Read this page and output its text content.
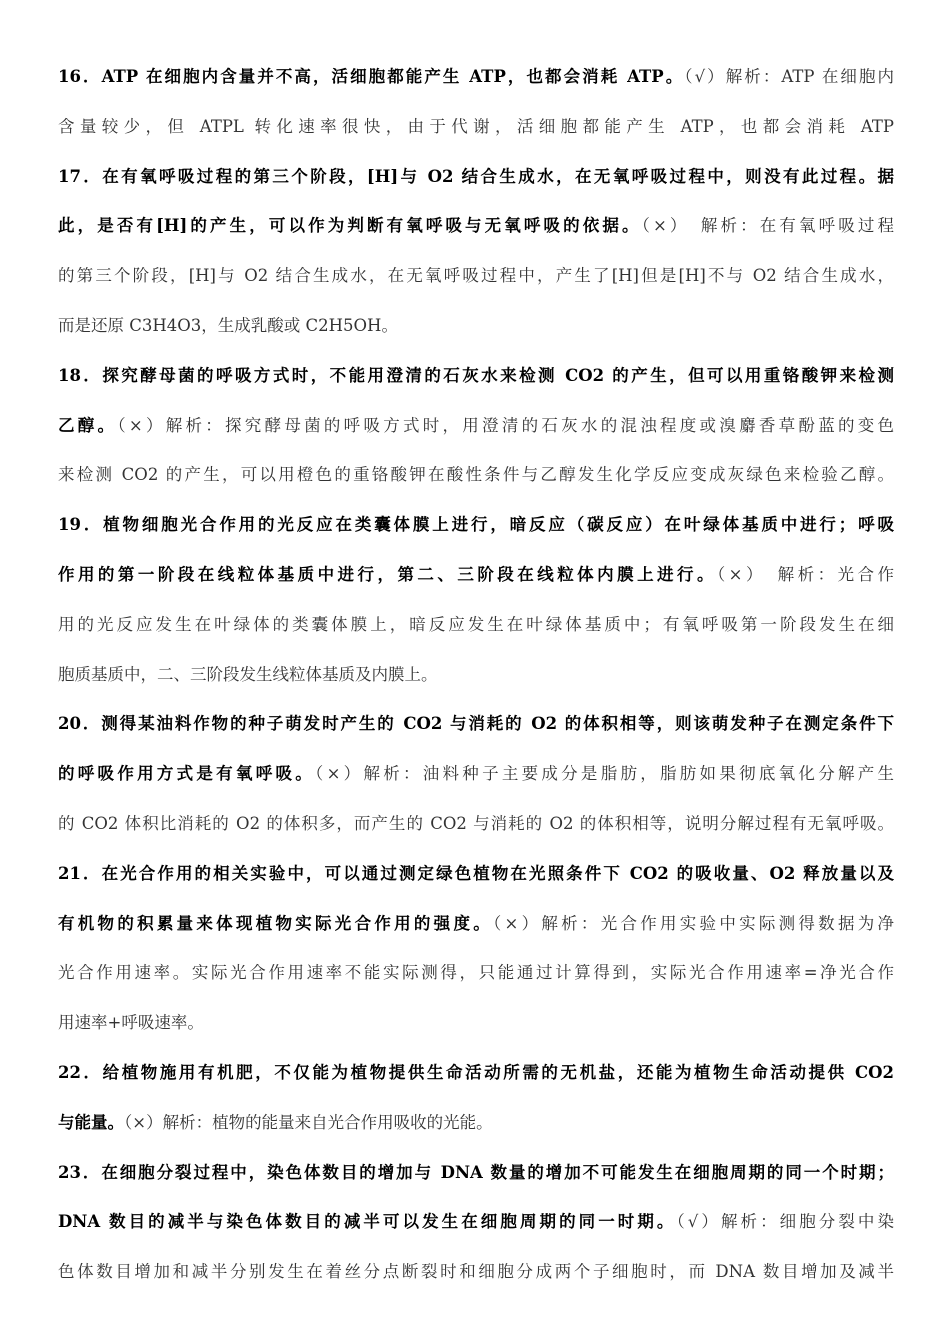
16．ATP 在细胞内含量并不高，活细胞都能产生 ATP，也都会消耗 ATP。（√）解析：ATP 在细胞内
含量较少，但 ATPL 转化速率很快，由于代谢，活细胞都能产生 ATP，也都会消耗 ATP
17．在有氧呼吸过程的第三个阶段，[H]与 O2 结合生成水，在无氧呼吸过程中，则没有此过程。据
此，是否有[H]的产生，可以作为判断有氧呼吸与无氧呼吸的依据。（×）　解析：在有氧呼吸过程
的第三个阶段，[H]与 O2 结合生成水，在无氧呼吸过程中，产生了[H]但是[H]不与 O2 结合生成水，
而是还原 C3H4O3，生成乳酸或 C2H5OH。
18．探究酵母菌的呼吸方式时，不能用澄清的石灰水来检测 CO2 的产生，但可以用重铬酸钾来检测
乙醇。（×）解析：探究酵母菌的呼吸方式时，用澄清的石灰水的混浊程度或溴麝香草酚蓝的变色
来检测 CO2 的产生，可以用橙色的重铬酸钾在酸性条件与乙醇发生化学反应变成灰绿色来检验乙醇。
19．植物细胞光合作用的光反应在类囊体膜上进行，暗反应（碳反应）在叶绿体基质中进行；呼吸
作用的第一阶段在线粒体基质中进行，第二、三阶段在线粒体内膜上进行。（×）　解析：光合作
用的光反应发生在叶绿体的类囊体膜上，暗反应发生在叶绿体基质中；有氧呼吸第一阶段发生在细
胞质基质中，二、三阶段发生线粒体基质及内膜上。
20．测得某油料作物的种子萌发时产生的 CO2 与消耗的 O2 的体积相等，则该萌发种子在测定条件下
的呼吸作用方式是有氧呼吸。（×）解析：油料种子主要成分是脂肪，脂肪如果彻底氧化分解产生
的 CO2 体积比消耗的 O2 的体积多，而产生的 CO2 与消耗的 O2 的体积相等，说明分解过程有无氧呼吸。
21．在光合作用的相关实验中，可以通过测定绿色植物在光照条件下 CO2 的吸收量、O2 释放量以及
有机物的积累量来体现植物实际光合作用的强度。（×）解析：光合作用实验中实际测得数据为净
光合作用速率。实际光合作用速率不能实际测得，只能通过计算得到，实际光合作用速率=净光合作
用速率+呼吸速率。
22．给植物施用有机肥，不仅能为植物提供生命活动所需的无机盐，还能为植物生命活动提供 CO2
与能量。（×）解析：植物的能量来自光合作用吸收的光能。
23．在细胞分裂过程中，染色体数目的增加与 DNA 数量的增加不可能发生在细胞周期的同一个时期；
DNA 数目的减半与染色体数目的减半可以发生在细胞周期的同一时期。（√）解析：细胞分裂中染
色体数目增加和减半分别发生在着丝分点断裂时和细胞分成两个子细胞时，而 DNA 数目增加及减半
